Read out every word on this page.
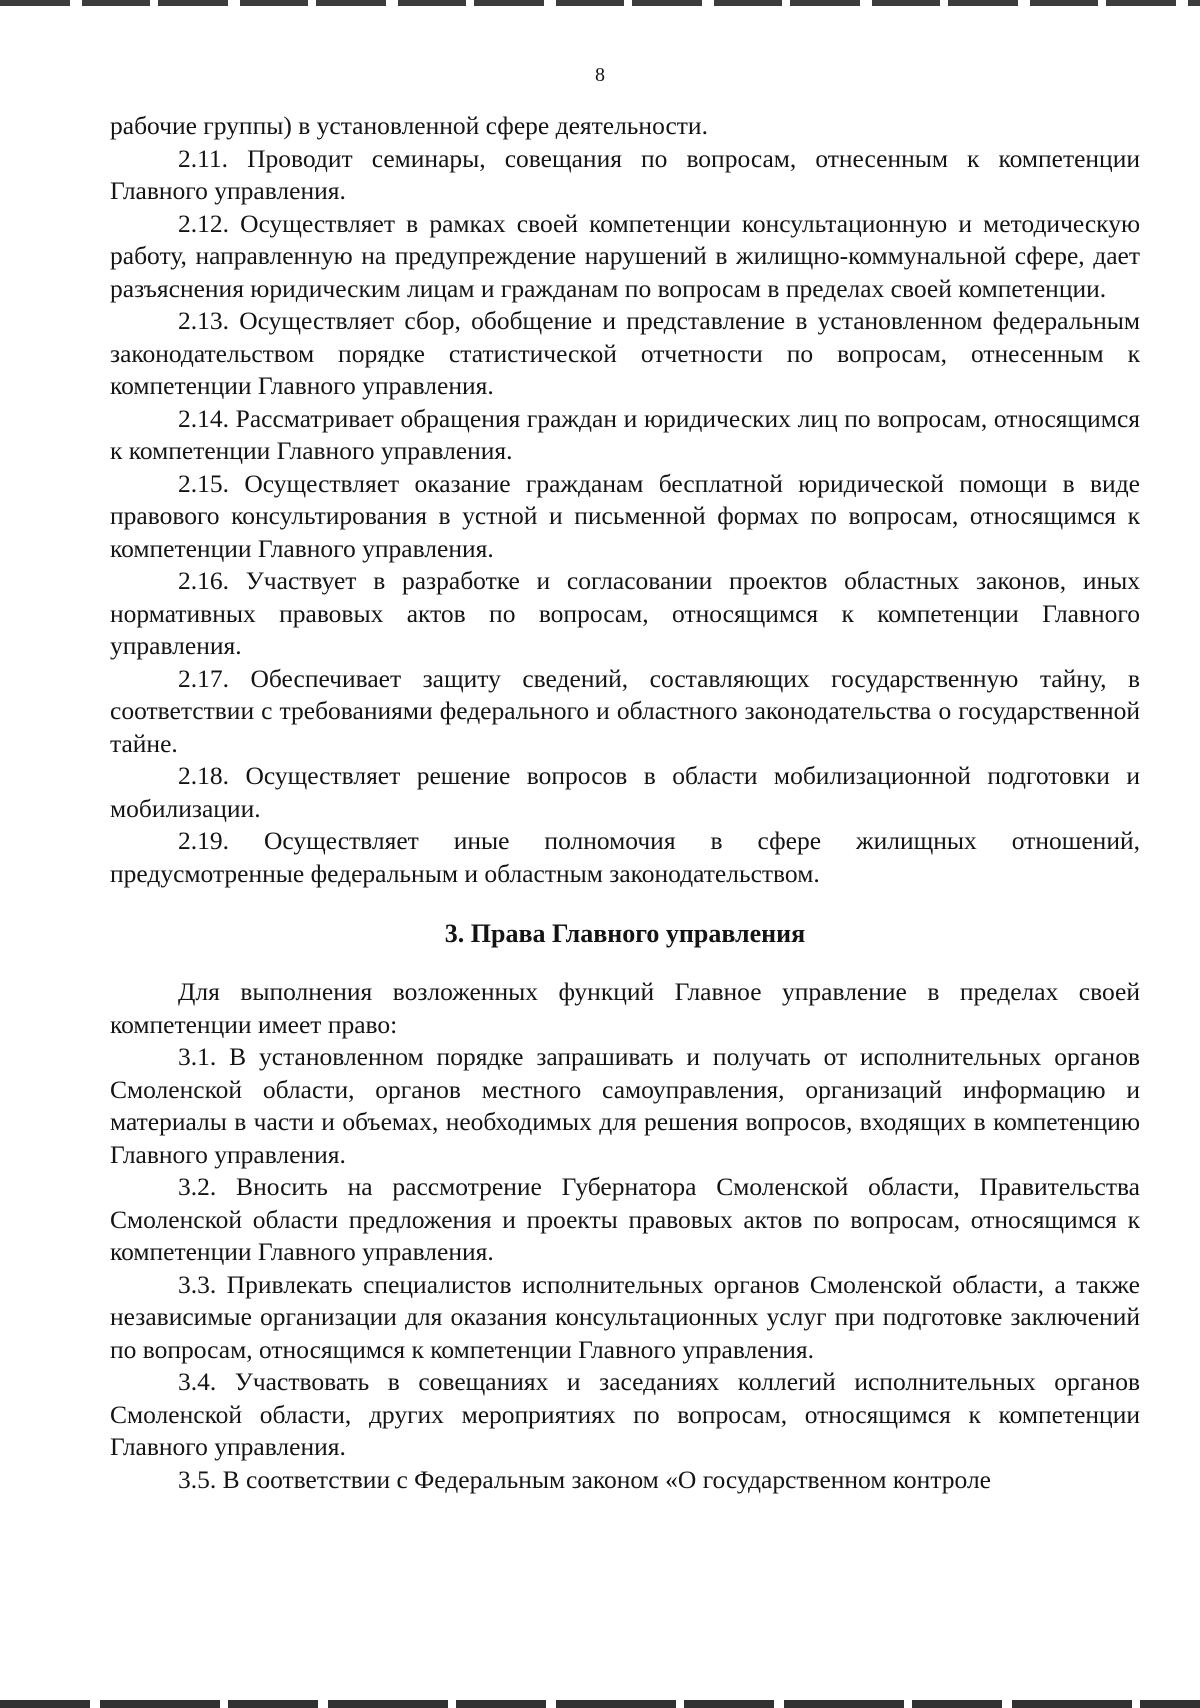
8

рабочие группы) в установленной сфере деятельности.

2.11. Проводит семинары, совещания по вопросам, отнесенным к компетенции Главного управления.

2.12. Осуществляет в рамках своей компетенции консультационную и методическую работу, направленную на предупреждение нарушений в жилищно-коммунальной сфере, дает разъяснения юридическим лицам и гражданам по вопросам в пределах своей компетенции.

2.13. Осуществляет сбор, обобщение и представление в установленном федеральным законодательством порядке статистической отчетности по вопросам, отнесенным к компетенции Главного управления.

2.14. Рассматривает обращения граждан и юридических лиц по вопросам, относящимся к компетенции Главного управления.

2.15. Осуществляет оказание гражданам бесплатной юридической помощи в виде правового консультирования в устной и письменной формах по вопросам, относящимся к компетенции Главного управления.

2.16. Участвует в разработке и согласовании проектов областных законов, иных нормативных правовых актов по вопросам, относящимся к компетенции Главного управления.

2.17. Обеспечивает защиту сведений, составляющих государственную тайну, в соответствии с требованиями федерального и областного законодательства о государственной тайне.

2.18. Осуществляет решение вопросов в области мобилизационной подготовки и мобилизации.

2.19. Осуществляет иные полномочия в сфере жилищных отношений, предусмотренные федеральным и областным законодательством.

3. Права Главного управления

Для выполнения возложенных функций Главное управление в пределах своей компетенции имеет право:

3.1. В установленном порядке запрашивать и получать от исполнительных органов Смоленской области, органов местного самоуправления, организаций информацию и материалы в части и объемах, необходимых для решения вопросов, входящих в компетенцию Главного управления.

3.2. Вносить на рассмотрение Губернатора Смоленской области, Правительства Смоленской области предложения и проекты правовых актов по вопросам, относящимся к компетенции Главного управления.

3.3. Привлекать специалистов исполнительных органов Смоленской области, а также независимые организации для оказания консультационных услуг при подготовке заключений по вопросам, относящимся к компетенции Главного управления.

3.4. Участвовать в совещаниях и заседаниях коллегий исполнительных органов Смоленской области, других мероприятиях по вопросам, относящимся к компетенции Главного управления.

3.5. В соответствии с Федеральным законом «О государственном контроле
